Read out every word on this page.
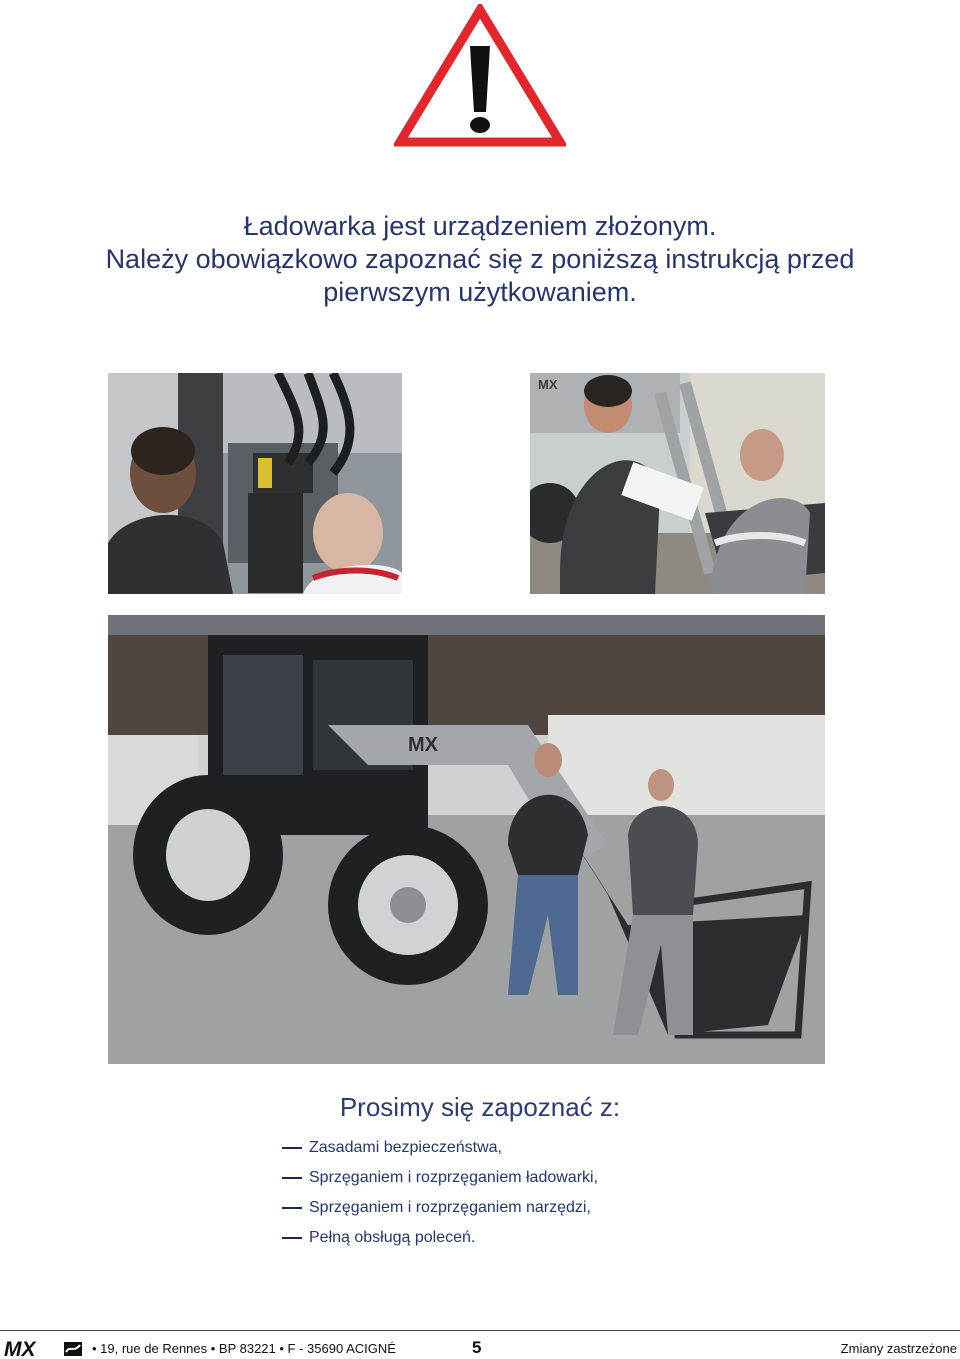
Ładowarka jest urządzeniem złożonym.
Należy obowiązkowo zapoznać się z poniższą instrukcją przed
pierwszym użytkowaniem.
MX
MX
Prosimy się zapoznać z:
Zasadami bezpieczeństwa,
Sprzęganiem i rozprzęganiem ładowarki,
Sprzęganiem i rozprzęganiem narzędzi,
Pełną obsługą poleceń.
MX	• 19, rue de Rennes • BP 83221 • F - 35690 ACIGNÉ	5	Zmiany zastrzeżone
